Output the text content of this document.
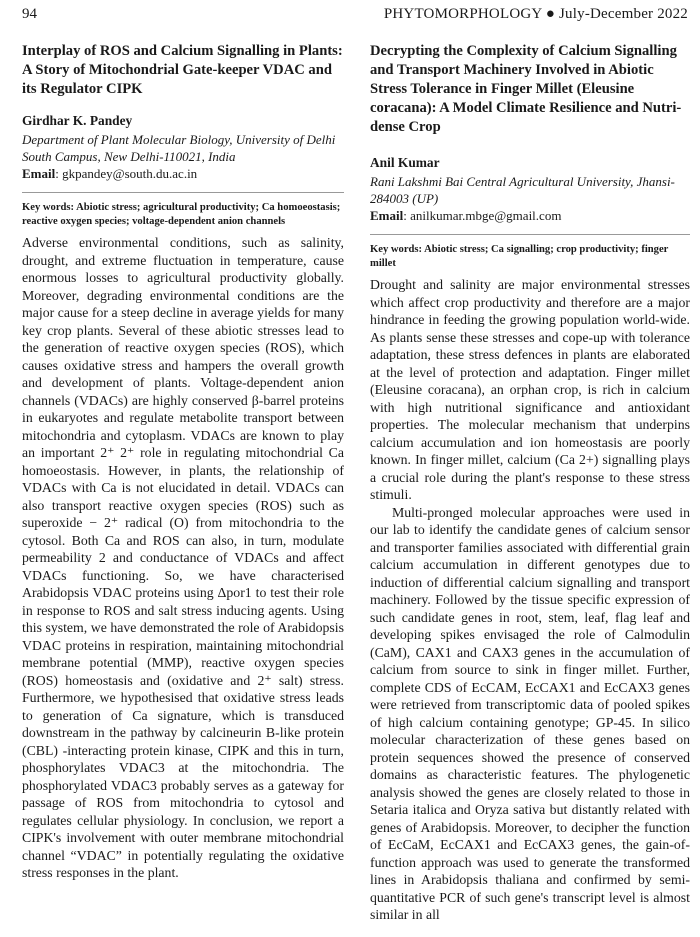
94	PHYTOMORPHOLOGY ● July-December 2022

Interplay of ROS and Calcium Signalling in Plants: A Story of Mitochondrial Gate-keeper VDAC and its Regulator CIPK

Girdhar K. Pandey

Department of Plant Molecular Biology, University of Delhi South Campus, New Delhi-110021, India

Email: gkpandey@south.du.ac.in

Key words: Abiotic stress; agricultural productivity; Ca homoeostasis; reactive oxygen species; voltage-dependent anion channels

Adverse environmental conditions, such as salinity, drought, and extreme fluctuation in temperature, cause enormous losses to agricultural productivity globally. Moreover, degrading environmental conditions are the major cause for a steep decline in average yields for many key crop plants. Several of these abiotic stresses lead to the generation of reactive oxygen species (ROS), which causes oxidative stress and hampers the overall growth and development of plants. Voltage-dependent anion channels (VDACs) are highly conserved β-barrel proteins in eukaryotes and regulate metabolite transport between mitochondria and cytoplasm. VDACs are known to play an important 2⁺ 2⁺ role in regulating mitochondrial Ca homoeostasis. However, in plants, the relationship of VDACs with Ca is not elucidated in detail. VDACs can also transport reactive oxygen species (ROS) such as superoxide − 2⁺ radical (O) from mitochondria to the cytosol. Both Ca and ROS can also, in turn, modulate permeability 2 and conductance of VDACs and affect VDACs functioning. So, we have characterised Arabidopsis VDAC proteins using Δpor1 to test their role in response to ROS and salt stress inducing agents. Using this system, we have demonstrated the role of Arabidopsis VDAC proteins in respiration, maintaining mitochondrial membrane potential (MMP), reactive oxygen species (ROS) homeostasis and (oxidative and 2⁺ salt) stress. Furthermore, we hypothesised that oxidative stress leads to generation of Ca signature, which is transduced downstream in the pathway by calcineurin B-like protein (CBL) -interacting protein kinase, CIPK and this in turn, phosphorylates VDAC3 at the mitochondria. The phosphorylated VDAC3 probably serves as a gateway for passage of ROS from mitochondria to cytosol and regulates cellular physiology. In conclusion, we report a CIPK's involvement with outer membrane mitochondrial channel “VDAC” in potentially regulating the oxidative stress responses in the plant.

Decrypting the Complexity of Calcium Signalling and Transport Machinery Involved in Abiotic Stress Tolerance in Finger Millet (Eleusine coracana): A Model Climate Resilience and Nutri-dense Crop

Anil Kumar

Rani Lakshmi Bai Central Agricultural University, Jhansi-284003 (UP)

Email: anilkumar.mbge@gmail.com

Key words: Abiotic stress; Ca signalling; crop productivity; finger millet

Drought and salinity are major environmental stresses which affect crop productivity and therefore are a major hindrance in feeding the growing population world-wide. As plants sense these stresses and cope-up with tolerance adaptation, these stress defences in plants are elaborated at the level of protection and adaptation. Finger millet (Eleusine coracana), an orphan crop, is rich in calcium with high nutritional significance and antioxidant properties. The molecular mechanism that underpins calcium accumulation and ion homeostasis are poorly known. In finger millet, calcium (Ca 2+) signalling plays a crucial role during the plant's response to these stress stimuli.

Multi-pronged molecular approaches were used in our lab to identify the candidate genes of calcium sensor and transporter families associated with differential grain calcium accumulation in different genotypes due to induction of differential calcium signalling and transport machinery. Followed by the tissue specific expression of such candidate genes in root, stem, leaf, flag leaf and developing spikes envisaged the role of Calmodulin (CaM), CAX1 and CAX3 genes in the accumulation of calcium from source to sink in finger millet. Further, complete CDS of EcCAM, EcCAX1 and EcCAX3 genes were retrieved from transcriptomic data of pooled spikes of high calcium containing genotype; GP-45. In silico molecular characterization of these genes based on protein sequences showed the presence of conserved domains as characteristic features. The phylogenetic analysis showed the genes are closely related to those in Setaria italica and Oryza sativa but distantly related with genes of Arabidopsis. Moreover, to decipher the function of EcCaM, EcCAX1 and EcCAX3 genes, the gain-of-function approach was used to generate the transformed lines in Arabidopsis thaliana and confirmed by semi-quantitative PCR of such gene's transcript level is almost similar in all
